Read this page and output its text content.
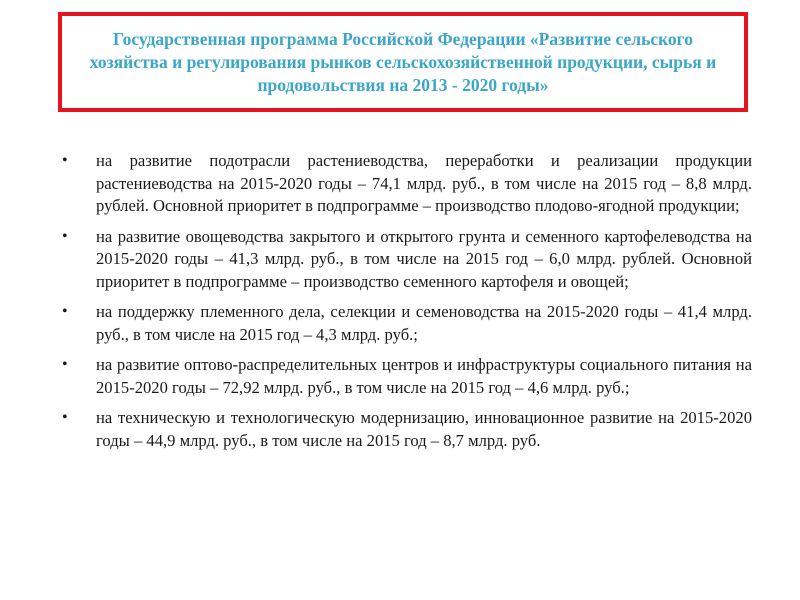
Государственная программа Российской Федерации «Развитие сельского хозяйства и регулирования рынков сельскохозяйственной продукции, сырья и продовольствия на 2013 - 2020 годы»

•	на развитие подотрасли растениеводства, переработки и реализации продукции растениеводства на 2015-2020 годы – 74,1 млрд. руб., в том числе на 2015 год – 8,8 млрд. рублей. Основной приоритет в подпрограмме – производство плодово-ягодной продукции;
•	на развитие овощеводства закрытого и открытого грунта и семенного картофелеводства на 2015-2020 годы – 41,3 млрд. руб., в том числе на 2015 год – 6,0 млрд. рублей. Основной приоритет в подпрограмме – производство семенного картофеля и овощей;
•	на поддержку племенного дела, селекции и семеноводства на 2015-2020 годы – 41,4 млрд. руб., в том числе на 2015 год – 4,3 млрд. руб.;
•	на развитие оптово-распределительных центров и инфраструктуры социального питания на 2015-2020 годы – 72,92 млрд. руб., в том числе на 2015 год – 4,6 млрд. руб.;
•	на техническую и технологическую модернизацию, инновационное развитие на 2015-2020 годы – 44,9 млрд. руб., в том числе на 2015 год – 8,7 млрд. руб.
